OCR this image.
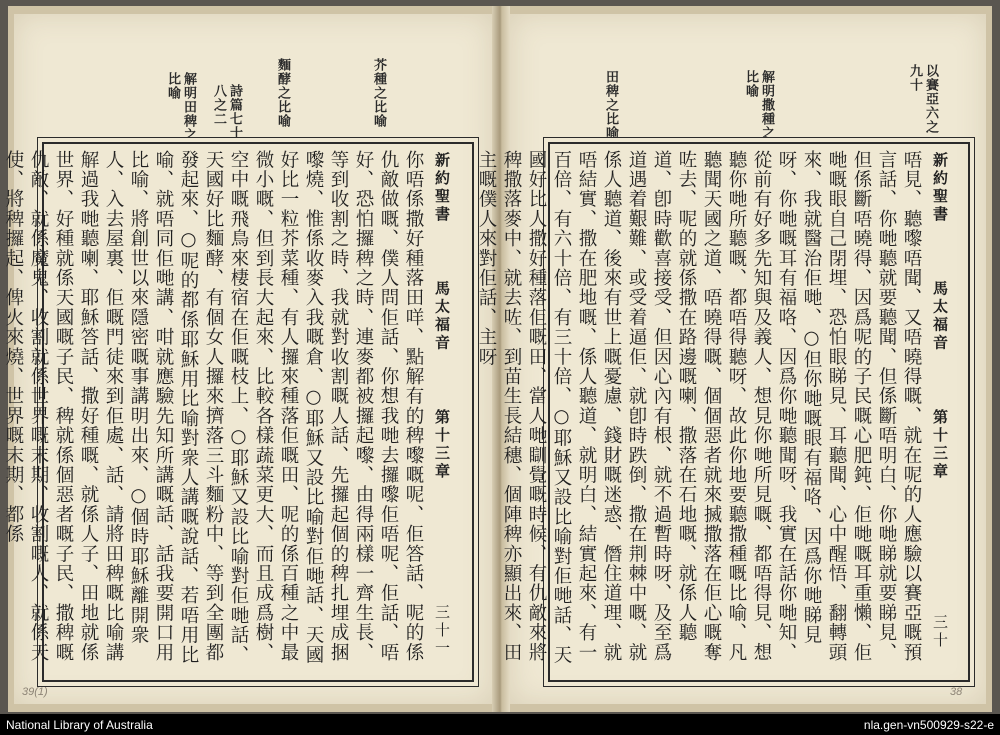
解明田稗之比喻	詩篇七十八之二	麵酵之比喻	芥種之比喻
新約聖書  馬太福音  第十三章
三十一
你唔係撒好種落田咩、點解有的稗嚟嘅呢、佢答話、呢的係仇敵做嘅、僕人問佢話、你想我哋去攞嚟佢唔呢、佢話、唔好、恐怕攞稗之時、連麥都被攞起嚟、由得兩樣一齊生長、等到收割之時、我就對收割嘅人話、先攞起個的稗扎埋成捆嚟燒、惟係收麥入我嘅倉、○耶穌又設比喻對佢哋話、天國好比一粒芥菜種、有人攞來種落佢嘅田、呢的係百種之中最微小嘅、但到長大起來、比較各樣蔬菜更大、而且成爲樹、空中嘅飛鳥來棲宿在佢嘅枝上、○耶穌又設比喻對佢哋話、天國好比麵酵、有個女人攞來擠落三斗麵粉中、等到全團都發起來、○呢的都係耶穌用比喻對衆人講嘅說話、若唔用比喻、就唔同佢哋講、咁就應驗先知所講嘅話、話我要開口用比喻、將創世以來隱密嘅事講明出來、○個時耶穌離開衆人、入去屋裏、佢嘅門徒來到佢處、話、請將田稗嘅比喻講解過我哋聽喇、耶穌答話、撒好種嘅、就係人子、田地就係世界、好種就係天國嘅子民、稗就係個惡者嘅子民、撒稗嘅仇敵、就係魔鬼、收割就係世界嘅末期、收割嘅人、就係天使、將稗攞起、俾火來燒、世界嘅末期、都係
39(1)
田稗之比喻	解明撒種之比喻	以賽亞六之九十
新約聖書  馬太福音  第十三章
三十
唔見、聽嚟唔聞、又唔曉得嘅、就在呢的人應驗以賽亞嘅預言話、你哋聽就要聽聞、但係斷唔明白、你哋睇就要睇見、但係斷唔曉得、因爲呢的子民嘅心肥鈍、佢哋嘅耳重懶、佢哋嘅眼自己閉埋、恐怕眼睇見、耳聽聞、心中醒悟、翻轉頭來、我就醫治佢哋、○但你哋嘅眼有福咯、因爲你哋睇見呀、你哋嘅耳有福咯、因爲你哋聽聞呀、我實在話你哋知、從前有好多先知與及義人、想見你哋所見嘅、都唔得見、想聽你哋所聽嘅、都唔得聽呀、故此你地要聽撒種嘅比喻、凡聽聞天國之道、唔曉得嘅、個個惡者就來搣撒落在佢心嘅奪咗去、呢的就係撒在路邊嘅喇、撒落在石地嘅、就係人聽道、卽時歡喜接受、但因心內有根、就不過暫時呀、及至爲道遇着艱難、或受着逼佢、就卽時跌倒、撒在荆棘中嘅、就係人聽道、後來有世上嘅憂慮、錢財嘅迷惑、僭住道理、就唔結實、撒在肥地嘅、係人聽道、就明白、結實起來、有一百倍、有六十倍、有三十倍、○耶穌又設比喻對佢哋話、天國好比人撒好種落佢嘅田、當人哋瞓覺嘅時候、有仇敵來將稗撒落麥中、就去咗、到苗生長結穗、個陣稗亦顯出來、田主嘅僕人來對佢話、主呀
38
National Library of Australia	nla.gen-vn500929-s22-e
